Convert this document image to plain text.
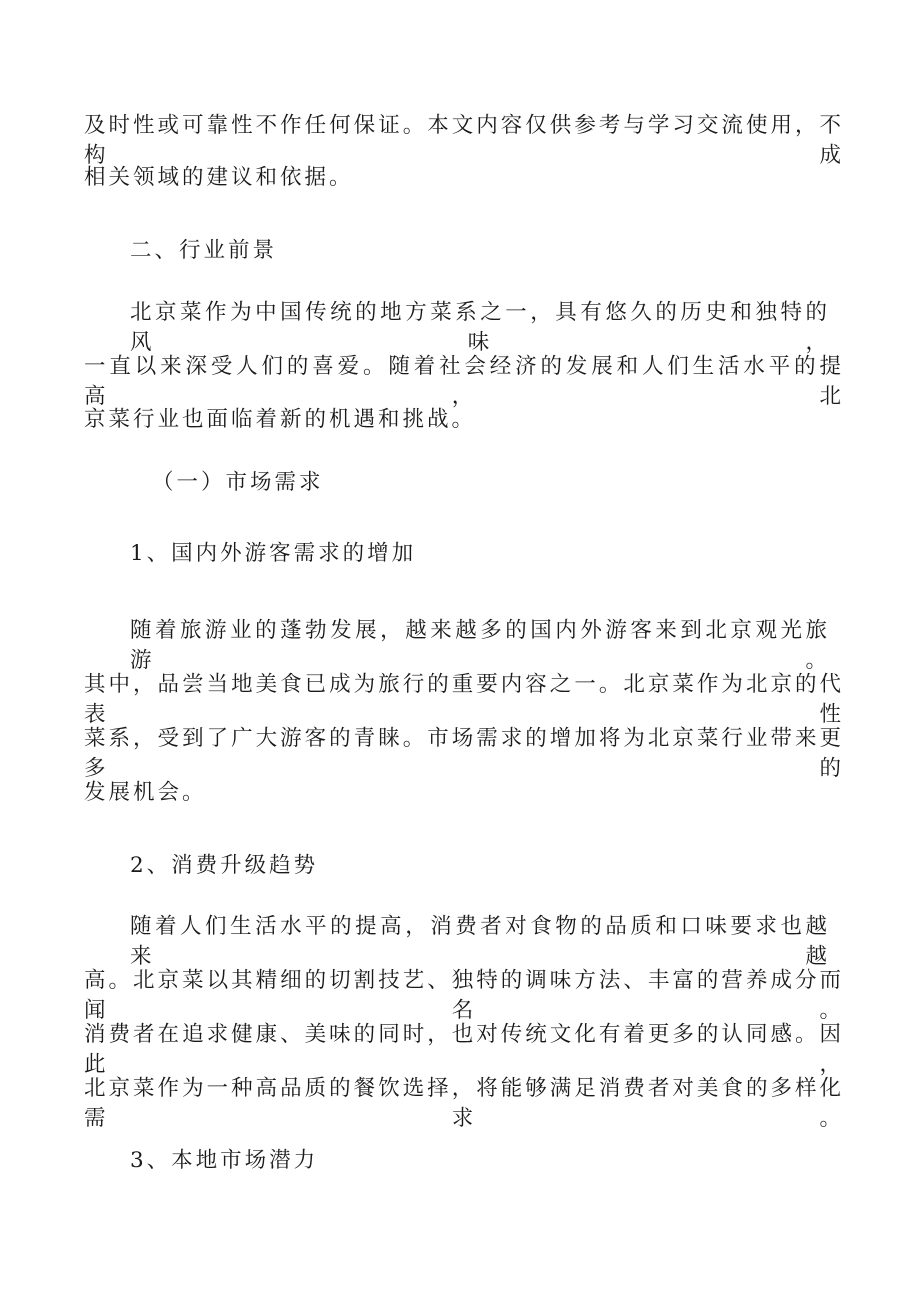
及时性或可靠性不作任何保证。本文内容仅供参考与学习交流使用，不构成
相关领域的建议和依据。
二、行业前景
北京菜作为中国传统的地方菜系之一，具有悠久的历史和独特的风味，
一直以来深受人们的喜爱。随着社会经济的发展和人们生活水平的提高，北
京菜行业也面临着新的机遇和挑战。
（一）市场需求
1、国内外游客需求的增加
随着旅游业的蓬勃发展，越来越多的国内外游客来到北京观光旅游。
其中，品尝当地美食已成为旅行的重要内容之一。北京菜作为北京的代表性
菜系，受到了广大游客的青睐。市场需求的增加将为北京菜行业带来更多的
发展机会。
2、消费升级趋势
随着人们生活水平的提高，消费者对食物的品质和口味要求也越来越
高。北京菜以其精细的切割技艺、独特的调味方法、丰富的营养成分而闻名。
消费者在追求健康、美味的同时，也对传统文化有着更多的认同感。因此，
北京菜作为一种高品质的餐饮选择，将能够满足消费者对美食的多样化需求。
3、本地市场潜力
